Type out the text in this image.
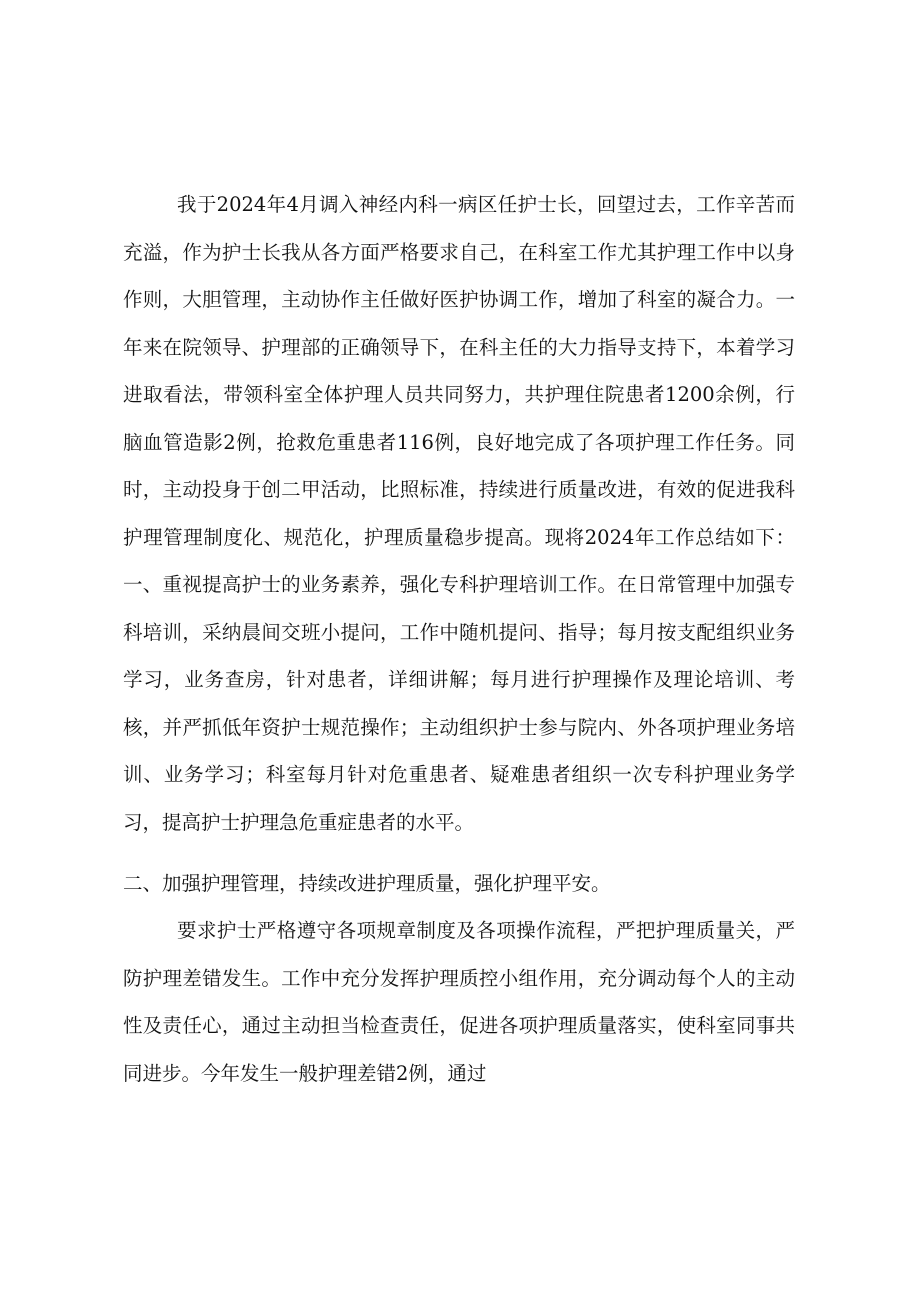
我于2024年4月调入神经内科一病区任护士长，回望过去，工作辛苦而充溢，作为护士长我从各方面严格要求自己，在科室工作尤其护理工作中以身作则，大胆管理，主动协作主任做好医护协调工作，增加了科室的凝合力。一年来在院领导、护理部的正确领导下，在科主任的大力指导支持下，本着学习进取看法，带领科室全体护理人员共同努力，共护理住院患者1200余例，行脑血管造影2例，抢救危重患者116例，良好地完成了各项护理工作任务。同时，主动投身于创二甲活动，比照标准，持续进行质量改进，有效的促进我科护理管理制度化、规范化，护理质量稳步提高。现将2024年工作总结如下：一、重视提高护士的业务素养，强化专科护理培训工作。在日常管理中加强专科培训，采纳晨间交班小提问，工作中随机提问、指导；每月按支配组织业务学习，业务查房，针对患者，详细讲解；每月进行护理操作及理论培训、考核，并严抓低年资护士规范操作；主动组织护士参与院内、外各项护理业务培训、业务学习；科室每月针对危重患者、疑难患者组织一次专科护理业务学习，提高护士护理急危重症患者的水平。

二、加强护理管理，持续改进护理质量，强化护理平安。

要求护士严格遵守各项规章制度及各项操作流程，严把护理质量关，严防护理差错发生。工作中充分发挥护理质控小组作用，充分调动每个人的主动性及责任心，通过主动担当检查责任，促进各项护理质量落实，使科室同事共同进步。今年发生一般护理差错2例，通过
